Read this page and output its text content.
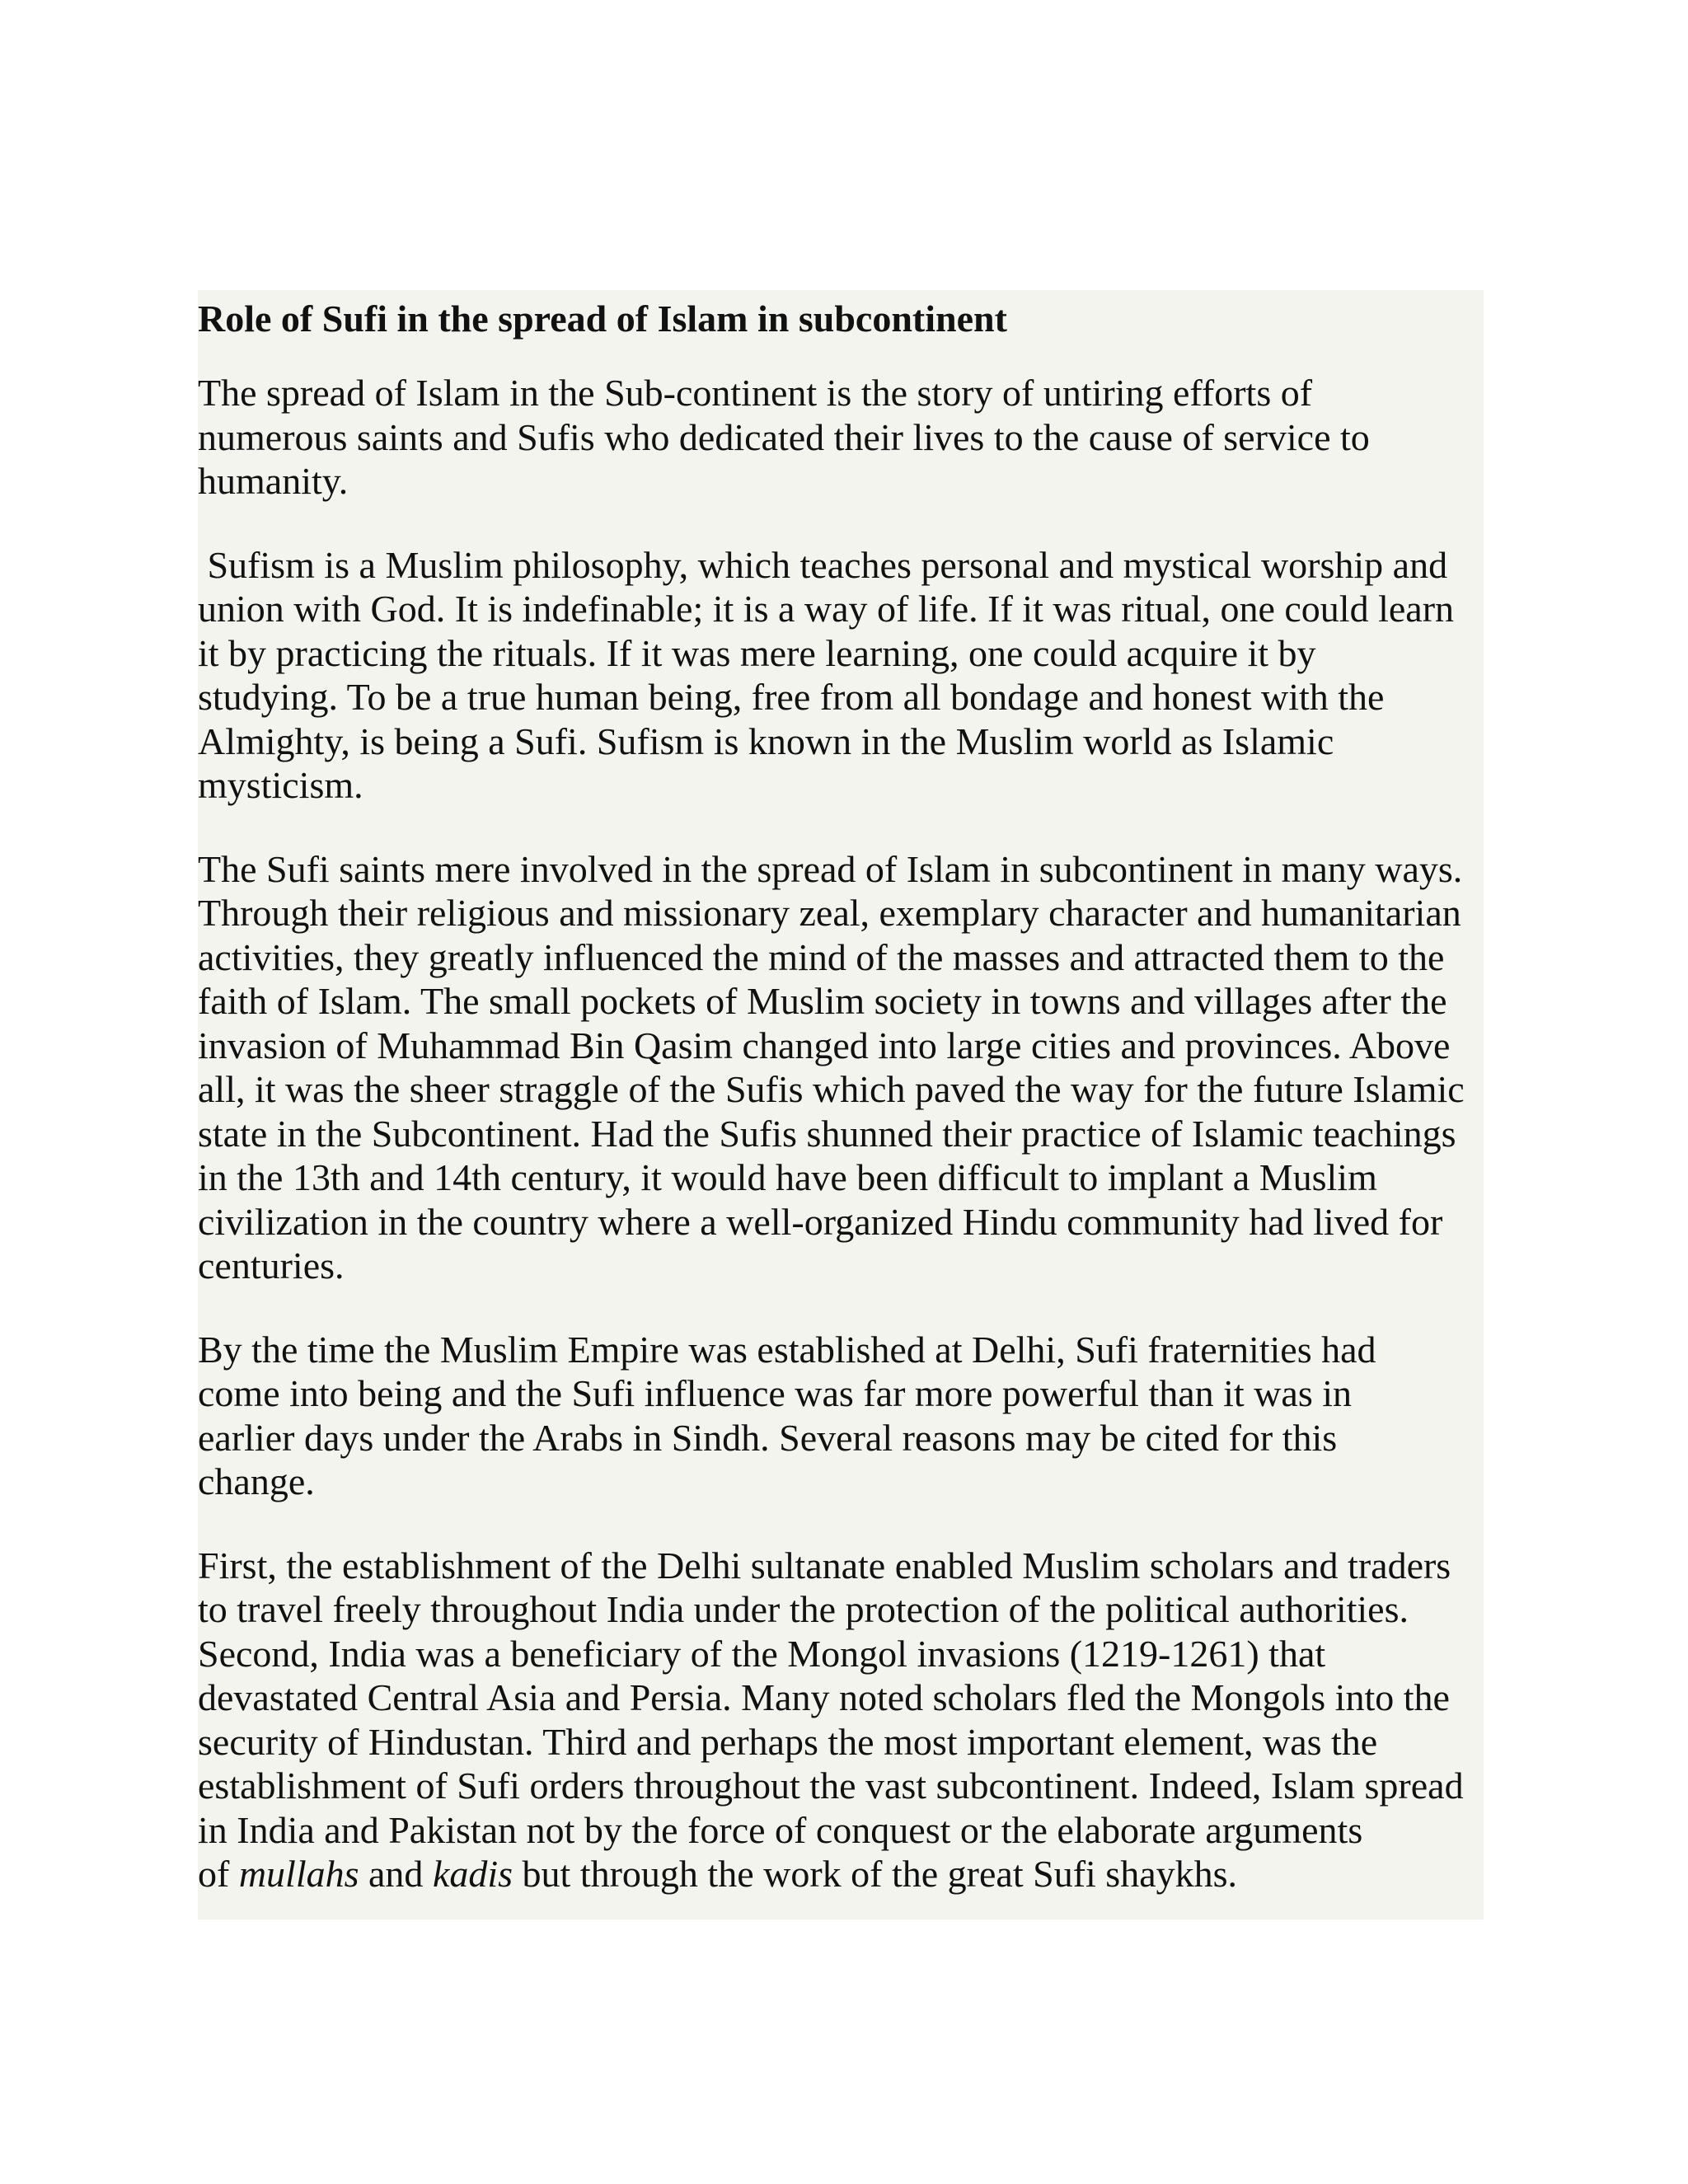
Role of Sufi in the spread of Islam in subcontinent

The spread of Islam in the Sub-continent is the story of untiring efforts of
numerous saints and Sufis who dedicated their lives to the cause of service to
humanity.

Sufism is a Muslim philosophy, which teaches personal and mystical worship and
union with God. It is indefinable; it is a way of life. If it was ritual, one could learn
it by practicing the rituals. If it was mere learning, one could acquire it by
studying. To be a true human being, free from all bondage and honest with the
Almighty, is being a Sufi. Sufism is known in the Muslim world as Islamic
mysticism.

The Sufi saints mere involved in the spread of Islam in subcontinent in many ways.
Through their religious and missionary zeal, exemplary character and humanitarian
activities, they greatly influenced the mind of the masses and attracted them to the
faith of Islam. The small pockets of Muslim society in towns and villages after the
invasion of Muhammad Bin Qasim changed into large cities and provinces. Above
all, it was the sheer straggle of the Sufis which paved the way for the future Islamic
state in the Subcontinent. Had the Sufis shunned their practice of Islamic teachings
in the 13th and 14th century, it would have been difficult to implant a Muslim
civilization in the country where a well-organized Hindu community had lived for
centuries.

By the time the Muslim Empire was established at Delhi, Sufi fraternities had
come into being and the Sufi influence was far more powerful than it was in
earlier days under the Arabs in Sindh. Several reasons may be cited for this
change.

First, the establishment of the Delhi sultanate enabled Muslim scholars and traders
to travel freely throughout India under the protection of the political authorities.
Second, India was a beneficiary of the Mongol invasions (1219-1261) that
devastated Central Asia and Persia. Many noted scholars fled the Mongols into the
security of Hindustan. Third and perhaps the most important element, was the
establishment of Sufi orders throughout the vast subcontinent. Indeed, Islam spread
in India and Pakistan not by the force of conquest or the elaborate arguments
of mullahs and kadis but through the work of the great Sufi shaykhs.
